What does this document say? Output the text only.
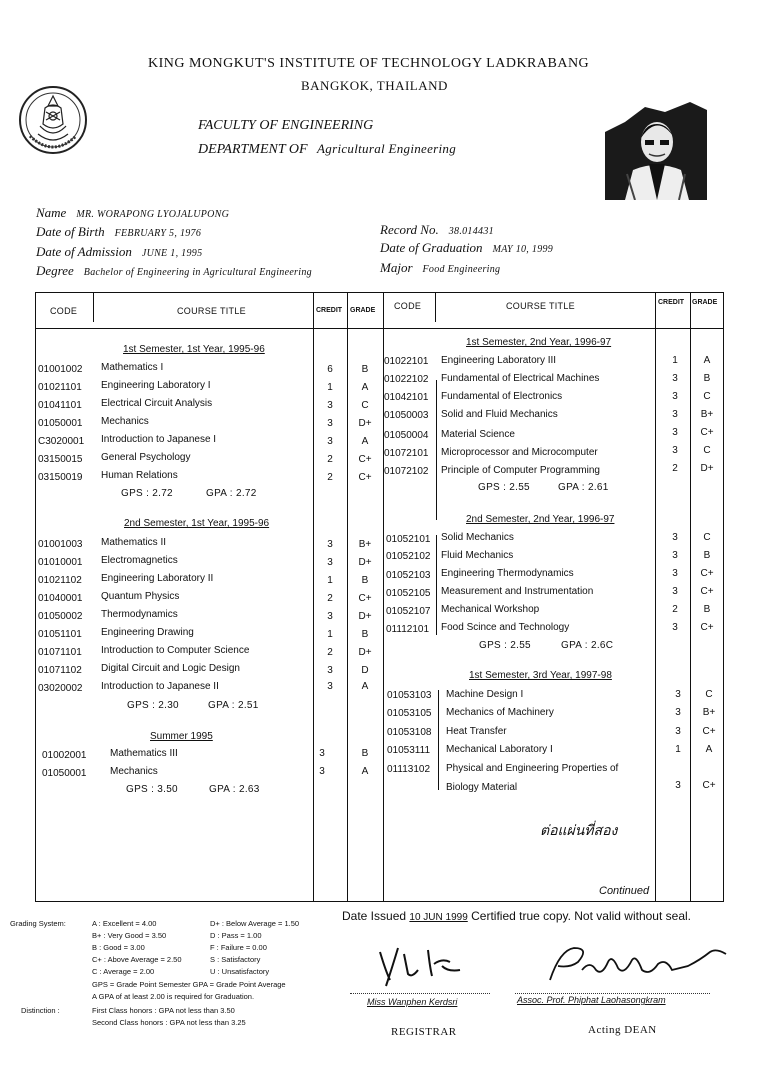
KING MONGKUT'S INSTITUTE OF TECHNOLOGY LADKRABANG
BANGKOK, THAILAND
FACULTY OF ENGINEERING
DEPARTMENT OF Agricultural Engineering
Name MR. WORAPONG LYOJALUPONG
Date of Birth FEBRUARY 5, 1976
Date of Admission JUNE 1, 1995
Degree Bachelor of Engineering in Agricultural Engineering
Record No. 38.014431
Date of Graduation MAY 10, 1999
Major Food Engineering
CODE	COURSE TITLE	CREDIT GRADE CODE	COURSE TITLE	CREDIT GRADE
1st Semester, 1st Year, 1995-96
01001002 Mathematics I	6	B
01021101 Engineering Laboratory I	1	A
01041101 Electrical Circuit Analysis	3	C
01050001 Mechanics	3	D+
C3020001 Introduction to Japanese I	3	A
03150015 General Psychology	2	C+
03150019 Human Relations	2	C+
GPS : 2.72	GPA : 2.72
2nd Semester, 1st Year, 1995-96
01001003 Mathematics II	3	B+
01010001 Electromagnetics	3	D+
01021102 Engineering Laboratory II	1	B
01040001 Quantum Physics	2	C+
01050002 Thermodynamics	3	D+
01051101 Engineering Drawing	1	B
01071101 Introduction to Computer Science	2	D+
01071102 Digital Circuit and Logic Design	3	D
03020002 Introduction to Japanese II	3	A
GPS : 2.30	GPA : 2.51
Summer 1995
01002001 Mathematics III	3	B
01050001 Mechanics	3	A
GPS : 3.50	GPA : 2.63
1st Semester, 2nd Year, 1996-97
01022101 Engineering Laboratory III	1	A
01022102 Fundamental of Electrical Machines	3	B
01042101 Fundamental of Electronics	3	C
01050003 Solid and Fluid Mechanics	3	B+
01050004 Material Science	3	C+
01072101 Microprocessor and Microcomputer	3	C
01072102 Principle of Computer Programming	2	D+
GPS : 2.55	GPA : 2.61
2nd Semester, 2nd Year, 1996-97
01052101 Solid Mechanics	3	C
01052102 Fluid Mechanics	3	B
01052103 Engineering Thermodynamics	3	C+
01052105 Measurement and Instrumentation	3	C+
01052107 Mechanical Workshop	2	B
01112101 Food Scince and Technology	3	C+
GPS : 2.55	GPA : 2.6C
1st Semester, 3rd Year, 1997-98
01053103 Machine Design I	3	C
01053105 Mechanics of Machinery	3	B+
01053108 Heat Transfer	3	C+
01053111 Mechanical Laboratory I	1	A
01113102 Physical and Engineering Properties of
Biology Material	3	C+
ต่อแผ่นที่สอง
Continued
Grading System:	A : Excellent = 4.00
B+ : Very Good = 3.50
B : Good = 3.00
C+ : Above Average = 2.50
C : Average = 2.00
D+ : Below Average = 1.50
D : Pass = 1.00
F : Failure = 0.00
S : Satisfactory
U : Unsatisfactory
GPS = Grade Point Semester GPA = Grade Point Average
A GPA of at least 2.00 is required for Graduation.
Distinction :	First Class honors : GPA not less than 3.50
Second Class honors : GPA not less than 3.25
Date Issued 10 JUN 1999 Certified true copy. Not valid without seal.
Miss Wanphen Kerdsri	Assoc. Prof. Phiphat Laohasongkram
REGISTRAR	Acting DEAN
